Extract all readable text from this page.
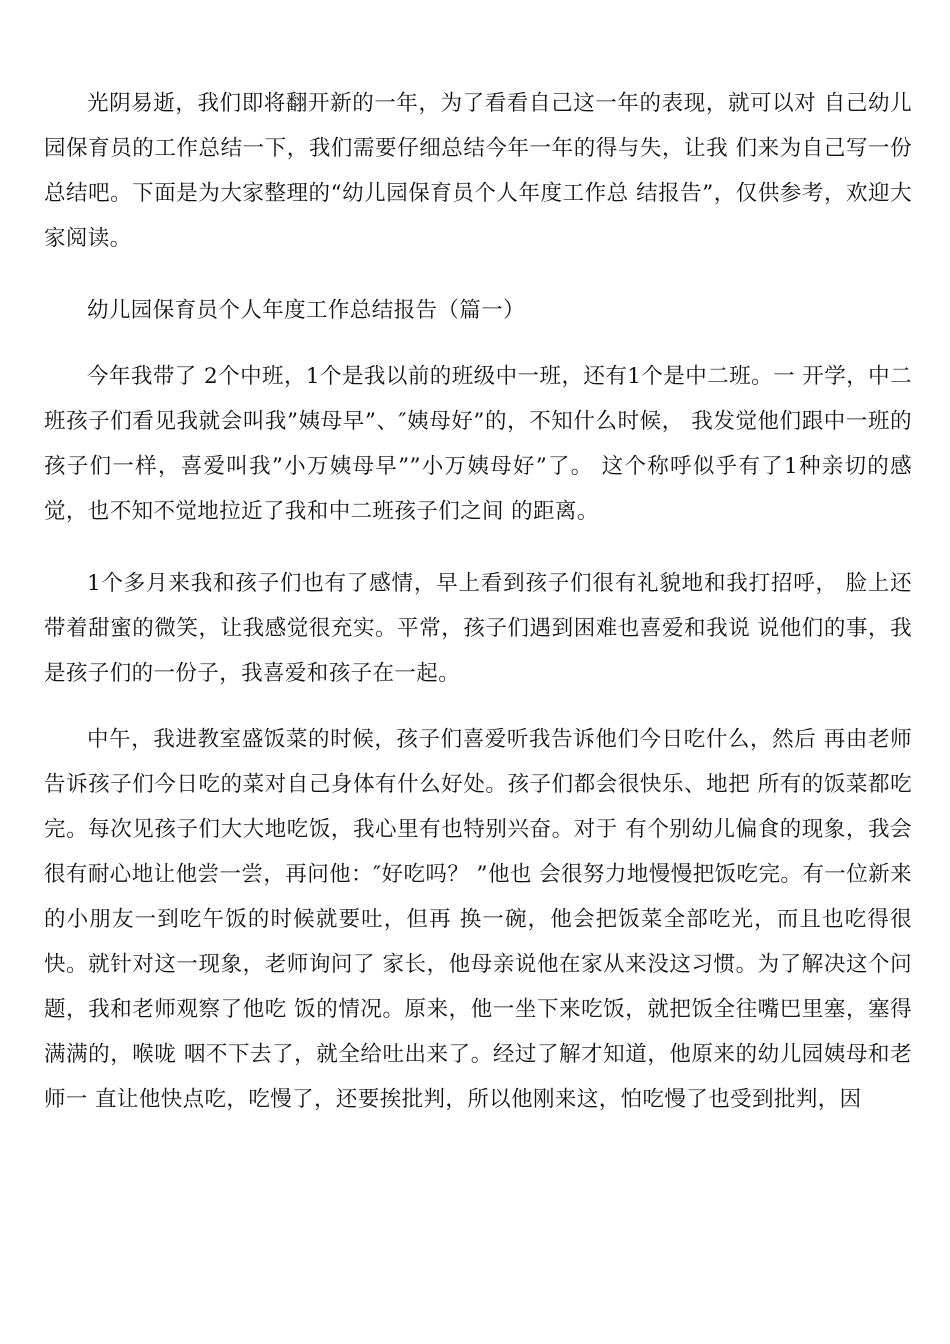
光阴易逝，我们即将翻开新的一年，为了看看自己这一年的表现，就可以对 自己幼儿园保育员的工作总结一下，我们需要仔细总结今年一年的得与失，让我 们来为自己写一份总结吧。下面是为大家整理的“幼儿园保育员个人年度工作总 结报告”，仅供参考，欢迎大家阅读。

幼儿园保育员个人年度工作总结报告（篇一）

今年我带了 2个中班，1个是我以前的班级中一班，还有1个是中二班。一 开学，中二班孩子们看见我就会叫我”姨母早”、″姨母好”的，不知什么时候， 我发觉他们跟中一班的孩子们一样，喜爱叫我”小万姨母早””小万姨母好”了。 这个称呼似乎有了1种亲切的感觉，也不知不觉地拉近了我和中二班孩子们之间 的距离。

1个多月来我和孩子们也有了感情，早上看到孩子们很有礼貌地和我打招呼， 脸上还带着甜蜜的微笑，让我感觉很充实。平常，孩子们遇到困难也喜爱和我说 说他们的事，我是孩子们的一份子，我喜爱和孩子在一起。

中午，我进教室盛饭菜的时候，孩子们喜爱听我告诉他们今日吃什么，然后 再由老师告诉孩子们今日吃的菜对自己身体有什么好处。孩子们都会很快乐、地把 所有的饭菜都吃完。每次见孩子们大大地吃饭，我心里有也特别兴奋。对于 有个别幼儿偏食的现象，我会很有耐心地让他尝一尝，再问他：″好吃吗？ ”他也 会很努力地慢慢把饭吃完。有一位新来的小朋友一到吃午饭的时候就要吐，但再 换一碗，他会把饭菜全部吃光，而且也吃得很快。就针对这一现象，老师询问了 家长，他母亲说他在家从来没这习惯。为了解决这个问题，我和老师观察了他吃 饭的情况。原来，他一坐下来吃饭，就把饭全往嘴巴里塞，塞得满满的，喉咙 咽不下去了，就全给吐出来了。经过了解才知道，他原来的幼儿园姨母和老师一 直让他快点吃，吃慢了，还要挨批判，所以他刚来这，怕吃慢了也受到批判，因
